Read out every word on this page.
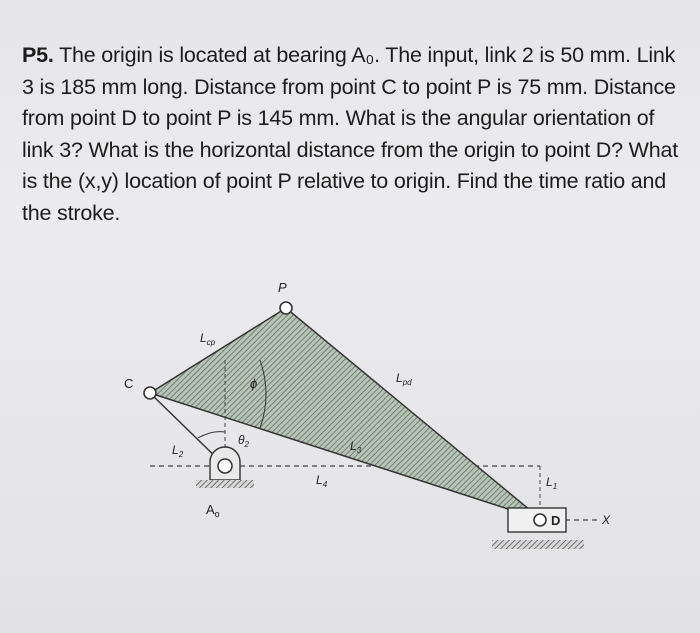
P5. The origin is located at bearing A₀. The input, link 2 is 50 mm. Link 3 is 185 mm long. Distance from point C to point P is 75 mm. Distance from point D to point P is 145 mm. What is the angular orientation of link 3? What is the horizontal distance from the origin to point D? What is the (x,y) location of point P relative to origin. Find the time ratio and the stroke.
C
P
D
$L_{cp}$
$L_{pd}$
$L_2$
$L_3$
$L_4$	$L_1$
ϕ
$\theta_2$
$A_o$	X
